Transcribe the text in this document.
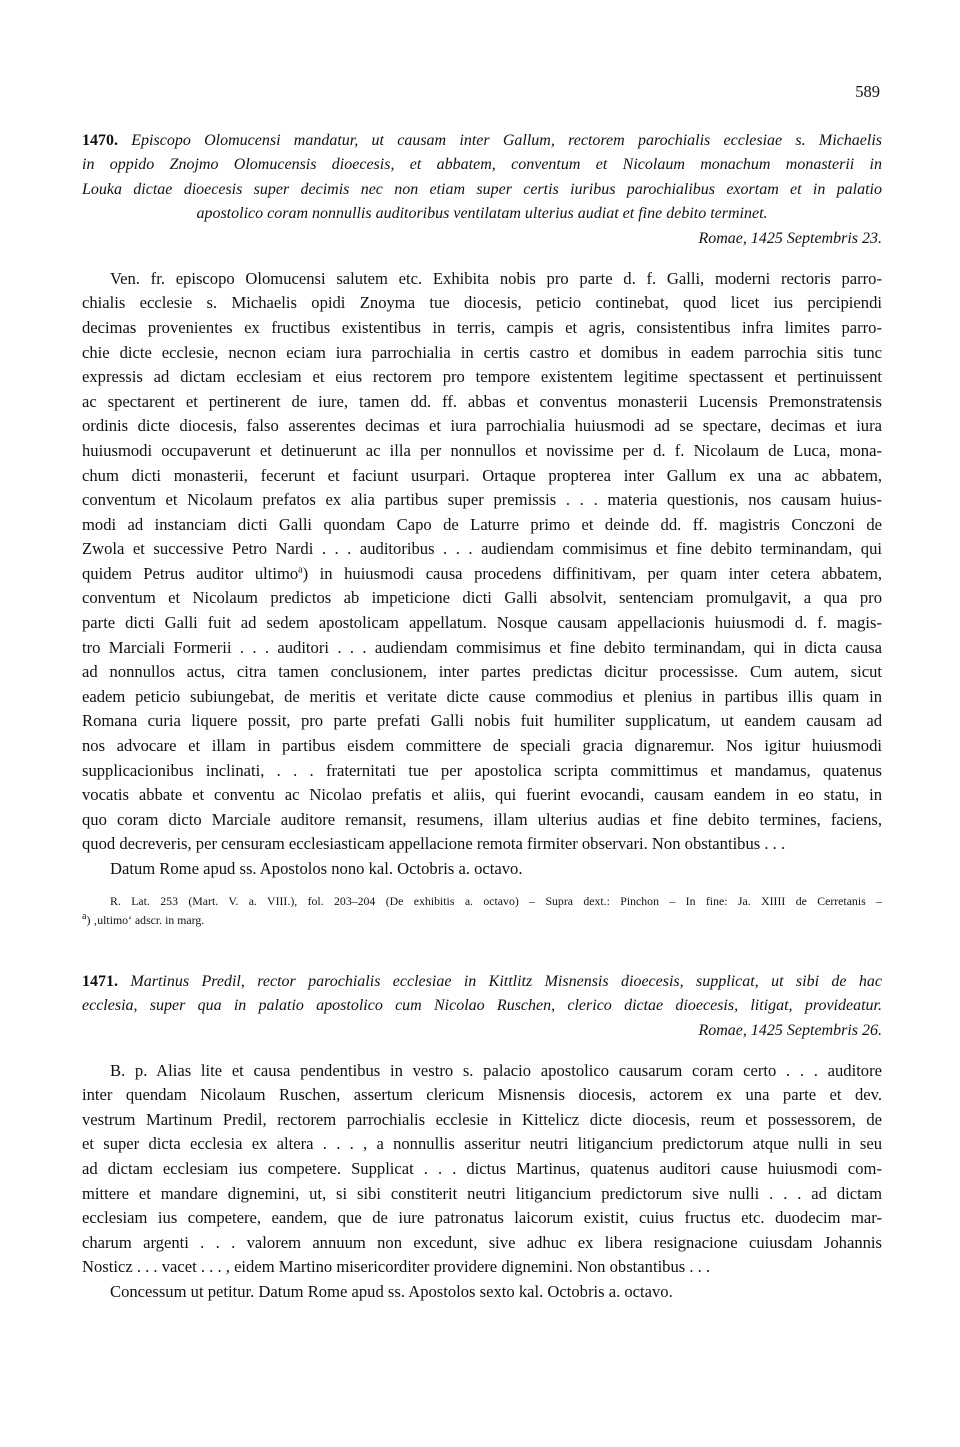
589
1470. Episcopo Olomucensi mandatur, ut causam inter Gallum, rectorem parochialis ecclesiae s. Michaelis
in oppido Znojmo Olomucensis dioecesis, et abbatem, conventum et Nicolaum monachum monasterii in
Louka dictae dioecesis super decimis nec non etiam super certis iuribus parochialibus exortam et in palatio
apostolico coram nonnullis auditoribus ventilatam ulterius audiat et fine debito terminet.
Romae, 1425 Septembris 23.
Ven. fr. episcopo Olomucensi salutem etc. Exhibita nobis pro parte d. f. Galli, moderni rectoris parro-
chialis ecclesie s. Michaelis opidi Znoyma tue diocesis, peticio continebat, quod licet ius percipiendi
decimas provenientes ex fructibus existentibus in terris, campis et agris, consistentibus infra limites parro-
chie dicte ecclesie, necnon eciam iura parrochialia in certis castro et domibus in eadem parrochia sitis tunc
expressis ad dictam ecclesiam et eius rectorem pro tempore existentem legitime spectassent et pertinuissent
ac spectarent et pertinerent de iure, tamen dd. ff. abbas et conventus monasterii Lucensis Premonstratensis
ordinis dicte diocesis, falso asserentes decimas et iura parrochialia huiusmodi ad se spectare, decimas et iura
huiusmodi occupaverunt et detinuerunt ac illa per nonnullos et novissime per d. f. Nicolaum de Luca, mona-
chum dicti monasterii, fecerunt et faciunt usurpari. Ortaque propterea inter Gallum ex una ac abbatem,
conventum et Nicolaum prefatos ex alia partibus super premissis . . . materia questionis, nos causam huius-
modi ad instanciam dicti Galli quondam Capo de Laturre primo et deinde dd. ff. magistris Conczoni de
Zwola et successive Petro Nardi . . . auditoribus . . . audiendam commisimus et fine debito terminandam, qui
quidem Petrus auditor ultimo$^a$) in huiusmodi causa procedens diffinitivam, per quam inter cetera abbatem,
conventum et Nicolaum predictos ab impeticione dicti Galli absolvit, sentenciam promulgavit, a qua pro
parte dicti Galli fuit ad sedem apostolicam appellatum. Nosque causam appellacionis huiusmodi d. f. magis-
tro Marciali Formerii . . . auditori . . . audiendam commisimus et fine debito terminandam, qui in dicta causa
ad nonnullos actus, citra tamen conclusionem, inter partes predictas dicitur processisse. Cum autem, sicut
eadem peticio subiungebat, de meritis et veritate dicte cause commodius et plenius in partibus illis quam in
Romana curia liquere possit, pro parte prefati Galli nobis fuit humiliter supplicatum, ut eandem causam ad
nos advocare et illam in partibus eisdem committere de speciali gracia dignaremur. Nos igitur huiusmodi
supplicacionibus inclinati, . . . fraternitati tue per apostolica scripta committimus et mandamus, quatenus
vocatis abbate et conventu ac Nicolao prefatis et aliis, qui fuerint evocandi, causam eandem in eo statu, in
quo coram dicto Marciale auditore remansit, resumens, illam ulterius audias et fine debito termines, faciens,
quod decreveris, per censuram ecclesiasticam appellacione remota firmiter observari. Non obstantibus . . .
Datum Rome apud ss. Apostolos nono kal. Octobris a. octavo.
R. Lat. 253 (Mart. V. a. VIII.), fol. 203–204 (De exhibitis a. octavo) – Supra dext.: Pinchon – In fine: Ja. XIIII de Cerretanis –
$^a$) ‚ultimo‘ adscr. in marg.
1471. Martinus Predil, rector parochialis ecclesiae in Kittlitz Misnensis dioecesis, supplicat, ut sibi de hac
ecclesia, super qua in palatio apostolico cum Nicolao Ruschen, clerico dictae dioecesis, litigat, provideatur.
Romae, 1425 Septembris 26.
B. p. Alias lite et causa pendentibus in vestro s. palacio apostolico causarum coram certo . . . auditore
inter quendam Nicolaum Ruschen, assertum clericum Misnensis diocesis, actorem ex una parte et dev.
vestrum Martinum Predil, rectorem parrochialis ecclesie in Kittelicz dicte diocesis, reum et possessorem, de
et super dicta ecclesia ex altera . . . , a nonnullis asseritur neutri litigancium predictorum atque nulli in seu
ad dictam ecclesiam ius competere. Supplicat . . . dictus Martinus, quatenus auditori cause huiusmodi com-
mittere et mandare dignemini, ut, si sibi constiterit neutri litigancium predictorum sive nulli . . . ad dictam
ecclesiam ius competere, eandem, que de iure patronatus laicorum existit, cuius fructus etc. duodecim mar-
charum argenti . . . valorem annuum non excedunt, sive adhuc ex libera resignacione cuiusdam Johannis
Nosticz . . . vacet . . . , eidem Martino misericorditer providere dignemini. Non obstantibus . . .
Concessum ut petitur. Datum Rome apud ss. Apostolos sexto kal. Octobris a. octavo.
